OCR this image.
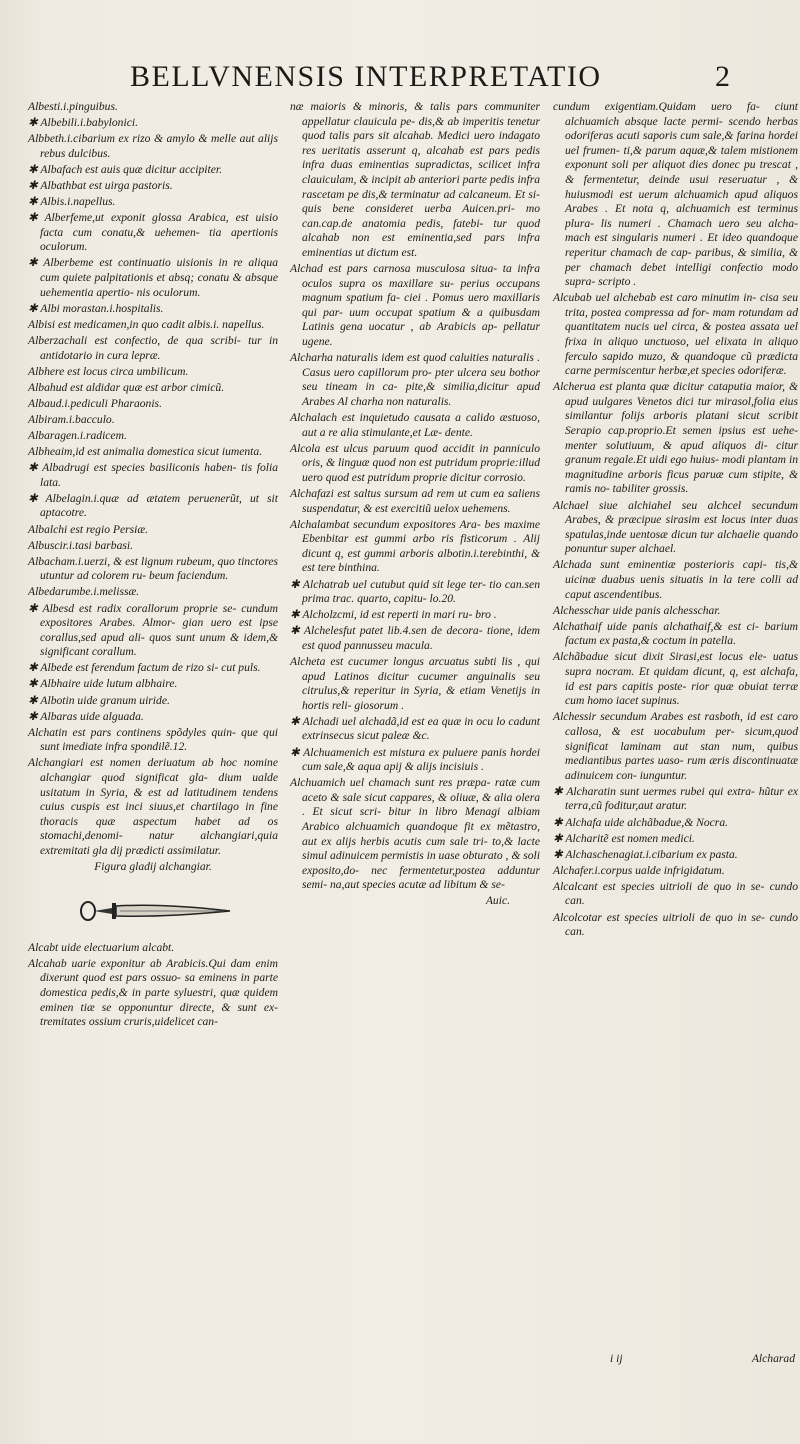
BELLVNENSIS INTERPRETATIO	2

Albesti.i.pinguibus.

✱ Albebili.i.babylonici.

Albbeth.i.cibarium ex rizo & amylo & melle aut alijs rebus dulcibus.

✱ Albafach est auis quæ dicitur accipiter.

✱ Albathbat est uirga pastoris.

✱ Albis.i.napellus.

✱ Alberfeme,ut exponit glossa Arabica, est uisio facta cum conatu,& uehemen- tia apertionis oculorum.

✱ Alberbeme est continuatio uisionis in re aliqua cum quiete palpitationis et absq; conatu & absque uehementia apertio- nis oculorum.

✱ Albi morastan.i.hospitalis.

Albisi est medicamen,in quo cadit albis.i. napellus.

Alberzachali est confectio, de qua scribi- tur in antidotario in cura lepræ.

Albhere est locus circa umbilicum.

Albahud est aldidar quæ est arbor cimicũ.

Albaud.i.pediculi Pharaonis.

Albiram.i.bacculo.

Albaragen.i.radicem.

Albheaim,id est animalia domestica sicut iumenta.

✱ Albadrugi est species basiliconis haben- tis folia lata.

✱ Albelagin.i.quæ ad ætatem peruenerũt, ut sit aptacotre.

Albalchi est regio Persiæ.

Albuscir.i.tasi barbasi.

Albacham.i.uerzi, & est lignum rubeum, quo tinctores utuntur ad colorem ru- beum faciendum.

Albedarumbe.i.melissæ.

✱ Albesd est radix corallorum proprie se- cundum expositores Arabes. Almor- gian uero est ipse corallus,sed apud ali- quos sunt unum & idem,& significant corallum.

✱ Albede est ferendum factum de rizo si- cut puls.

✱ Albhaire uide lutum albhaire.

✱ Albotin uide granum uiride.

✱ Albaras uide alguada.

Alchatin est pars continens spõdyles quin- que qui sunt imediate infra spondilẽ.12.

Alchangiari est nomen deriuatum ab hoc nomine alchangiar quod significat gla- dium ualde usitatum in Syria, & est ad latitudinem tendens cuius cuspis est inci siuus,et chartilago in fine thoracis quæ aspectum habet ad os stomachi,denomi- natur alchangiari,quia extremitati gla dij prædicti assimilatur.

Figura gladij alchangiar.

Alcabt uide electuarium alcabt.

Alcahab uarie exponitur ab Arabicis.Qui dam enim dixerunt quod est pars ossuo- sa eminens in parte domestica pedis,& in parte syluestri, quæ quidem eminen tiæ se opponuntur directe, & sunt ex- tremitates ossium cruris,uidelicet can-

næ maioris & minoris, & talis pars communiter appellatur clauicula pe- dis,& ab imperitis tenetur quod talis pars sit alcahab. Medici uero indagato res ueritatis asserunt q, alcahab est pars pedis infra duas eminentias supradictas, scilicet infra clauiculam, & incipit ab anteriori parte pedis infra rascetam pe dis,& terminatur ad calcaneum. Et si- quis bene consideret uerba Auicen.pri- mo can.cap.de anatomia pedis, fatebi- tur quod alcahab non est eminentia,sed pars infra eminentias ut dictum est.

Alchad est pars carnosa musculosa situa- ta infra oculos supra os maxillare su- perius occupans magnum spatium fa- ciei . Pomus uero maxillaris qui par- uum occupat spatium & a quibusdam Latinis gena uocatur , ab Arabicis ap- pellatur ugene.

Alcharha naturalis idem est quod caluities naturalis . Casus uero capillorum pro- pter ulcera seu bothor seu tineam in ca- pite,& similia,dicitur apud Arabes Al charha non naturalis.

Alchalach est inquietudo causata a calido æstuoso, aut a re alia stimulante,et Læ- dente.

Alcola est ulcus paruum quod accidit in panniculo oris, & linguæ quod non est putridum proprie:illud uero quod est putridum proprie dicitur corrosio.

Alchafazi est saltus sursum ad rem ut cum ea saliens suspendatur, & est exercitiũ uelox uehemens.

Alchalambat secundum expositores Ara- bes maxime Ebenbitar est gummi arbo ris fisticorum . Alij dicunt q, est gummi arboris albotin.i.terebinthi, & est tere binthina.

✱ Alchatrab uel cutubut quid sit lege ter- tio can.sen prima trac. quarto, capitu- lo.20.

✱ Alcholzcmi, id est reperti in mari ru- bro .

✱ Alchelesfut patet lib.4.sen de decora- tione, idem est quod pannusseu macula.

Alcheta est cucumer longus arcuatus subti lis , qui apud Latinos dicitur cucumer anguinalis seu citrulus,& reperitur in Syria, & etiam Venetijs in hortis reli- giosorum .

✱ Alchadi uel alchadã,id est ea quæ in ocu lo cadunt extrinsecus sicut paleæ &c.

✱ Alchuamenich est mistura ex puluere panis hordei cum sale,& aqua apij & alijs incisiuis .

Alchuamich uel chamach sunt res præpa- ratæ cum aceto & sale sicut cappares, & oliuæ, & alia olera . Et sicut scri- bitur in libro Menagi albiam Arabico alchuamich quandoque fit ex mẽtastro, aut ex alijs herbis acutis cum sale tri- to,& lacte simul adinuicem permistis in uase obturato , & soli exposito,do- nec fermentetur,postea adduntur semi- na,aut species acutæ ad libitum & se-

Auic.

cundum exigentiam.Quidam uero fa- ciunt alchuamich absque lacte permi- scendo herbas odoriferas acuti saporis cum sale,& farina hordei uel frumen- ti,& parum aquæ,& talem mistionem exponunt soli per aliquot dies donec pu trescat , & fermentetur, deinde usui reseruatur , & huiusmodi est uerum alchuamich apud aliquos Arabes . Et nota q, alchuamich est terminus plura- lis numeri . Chamach uero seu alcha- mach est singularis numeri . Et ideo quandoque reperitur chamach de cap- paribus, & similia, & per chamach debet intelligi confectio modo supra- scripto .

Alcubab uel alchebab est caro minutim in- cisa seu trita, postea compressa ad for- mam rotundam ad quantitatem nucis uel circa, & postea assata uel frixa in aliquo unctuoso, uel elixata in aliquo ferculo sapido muzo, & quandoque cũ prædicta carne permiscentur herbæ,et species odoriferæ.

Alcherua est planta quæ dicitur cataputia maior, & apud uulgares Venetos dici tur mirasol,folia eius similantur folijs arboris platani sicut scribit Serapio cap.proprio.Et semen ipsius est uehe- menter solutiuum, & apud aliquos di- citur granum regale.Et uidi ego huius- modi plantam in magnitudine arboris ficus paruæ cum stipite, & ramis no- tabiliter grossis.

Alchael siue alchiahel seu alchcel secundum Arabes, & præcipue sirasim est locus inter duas spatulas,inde uentosæ dicun tur alchaelie quando ponuntur super alchael.

Alchada sunt eminentiæ posterioris capi- tis,& uicinæ duabus uenis situatis in la tere colli ad caput ascendentibus.

Alchesschar uide panis alchesschar.

Alchathaif uide panis alchathaif,& est ci- barium factum ex pasta,& coctum in patella.

Alchãbadue sicut dixit Sirasi,est locus ele- uatus supra nocram. Et quidam dicunt, q, est alchafa, id est pars capitis poste- rior quæ obuiat terræ cum homo iacet supinus.

Alchessir secundum Arabes est rasboth, id est caro callosa, & est uocabulum per- sicum,quod significat laminam aut stan num, quibus mediantibus partes uaso- rum æris discontinuatæ adinuicem con- iunguntur.

✱ Alcharatin sunt uermes rubei qui extra- hũtur ex terra,cũ foditur,aut aratur.

✱ Alchafa uide alchãbadue,& Nocra.

✱ Alcharitẽ est nomen medici.

✱ Alchaschenagiat.i.cibarium ex pasta.

Alchafer.i.corpus ualde infrigidatum.

Alcalcant est species uitrioli de quo in se- cundo can.

Alcolcotar est species uitrioli de quo in se- cundo can.

i ij	Alcharad
